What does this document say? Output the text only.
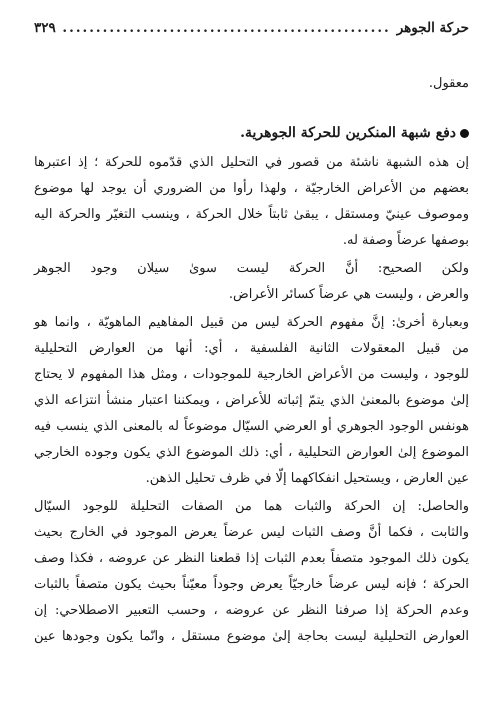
حركة الجوهر
.....
٣٢٩
معقول.
دفع شبهة المنكرين للحركة الجوهرية.
إن هذه الشبهة ناشئة من قصور في التحليل الذي قدّموه للحركة ؛ إذ اعتبرها
بعضهم من الأعراض الخارجيّة ، ولهذا رأوا من الضروري أن يوجد لها موضوع
وموصوف عينيّ ومستقل ، يبقىٰ ثابتاً خلال الحركة ، وينسب التغيّر والحركة اليه
بوصفها عرضاً وصفة له.
ولكن الصحيح: أنَّ الحركة ليست سوىٰ سيلان وجود الجوهر
والعرض ، وليست هي عرضاً كسائر الأعراض.
وبعبارة أخرىٰ: إنَّ مفهوم الحركة ليس من قبيل المفاهيم الماهويّة ، وانما هو
من قبيل المعقولات الثانية الفلسفية ، أي: أنها من العوارض التحليلية
للوجود ، وليست من الأعراض الخارجية للموجودات ، ومثل هذا المفهوم لا يحتاج
إلىٰ موضوع بالمعنىٰ الذي يتمّ إثباته للأعراض ، ويمكننا اعتبار منشأ انتزاعه الذي
هونفس الوجود الجوهري أو العرضي السيّال موضوعاً له بالمعنى الذي ينسب فيه
الموضوع إلىٰ العوارض التحليلية ، أي: ذلك الموضوع الذي يكون وجوده الخارجي
عين العارض ، ويستحيل انفكاكهما إلّا في ظرف تحليل الذهن.
والحاصل: إن الحركة والثبات هما من الصفات التحليلة للوجود السيّال
والثابت ، فكما أنَّ وصف الثبات ليس عرضاً يعرض الموجود في الخارج بحيث
يكون ذلك الموجود متصفاً بعدم الثبات إذا قطعنا النظر عن عروضه ، فكذا وصف
الحركة ؛ فإنه ليس عرضاً خارجيّاً يعرض وجوداً معيّناً بحيث يكون متصفاً بالثبات
وعدم الحركة إذا صرفنا النظر عن عروضه ، وحسب التعبير الاصطلاحي: إن
العوارض التحليلية ليست بحاجة إلىٰ موضوع مستقل ، وانّما يكون وجودها عين
